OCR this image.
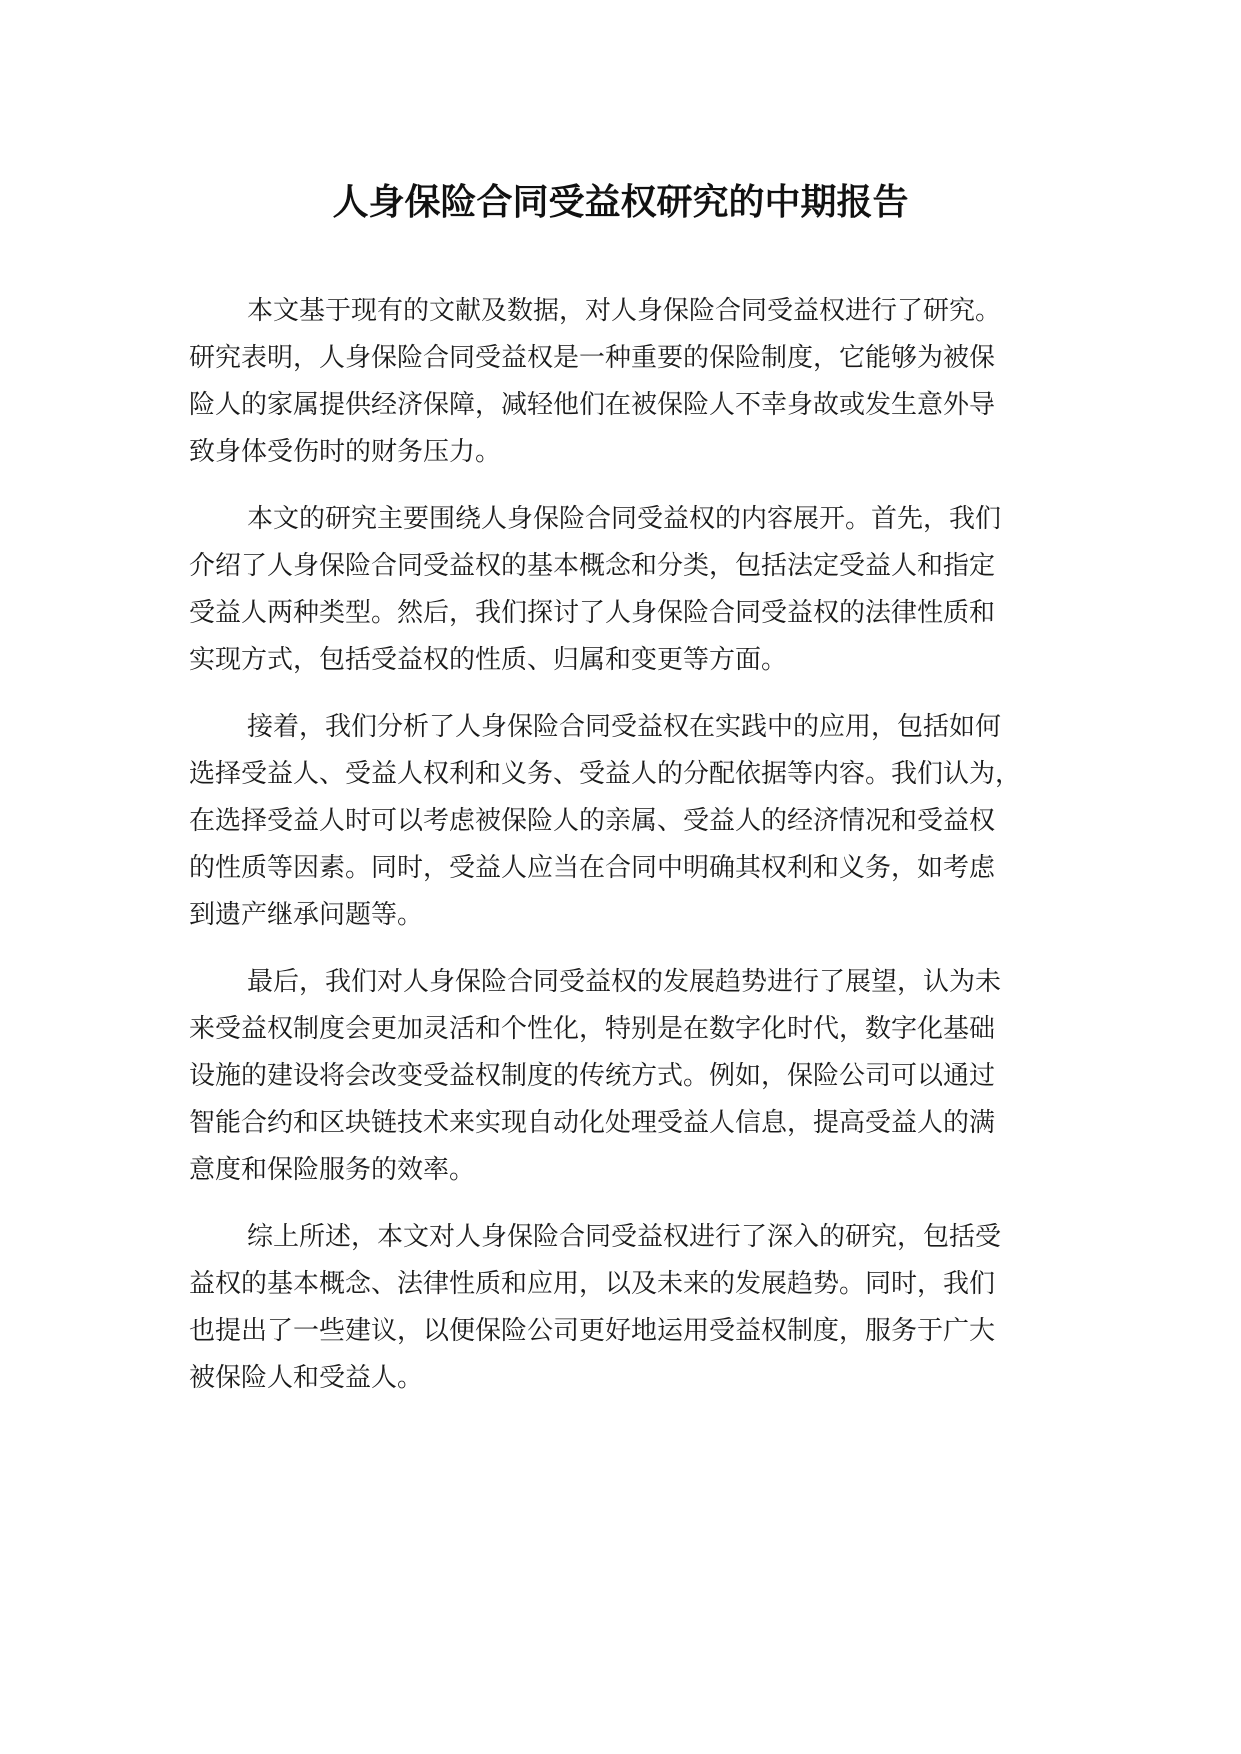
人身保险合同受益权研究的中期报告

本文基于现有的文献及数据，对人身保险合同受益权进行了研究。
研究表明，人身保险合同受益权是一种重要的保险制度，它能够为被保
险人的家属提供经济保障，减轻他们在被保险人不幸身故或发生意外导
致身体受伤时的财务压力。

本文的研究主要围绕人身保险合同受益权的内容展开。首先，我们
介绍了人身保险合同受益权的基本概念和分类，包括法定受益人和指定
受益人两种类型。然后，我们探讨了人身保险合同受益权的法律性质和
实现方式，包括受益权的性质、归属和变更等方面。

接着，我们分析了人身保险合同受益权在实践中的应用，包括如何
选择受益人、受益人权利和义务、受益人的分配依据等内容。我们认为，
在选择受益人时可以考虑被保险人的亲属、受益人的经济情况和受益权
的性质等因素。同时，受益人应当在合同中明确其权利和义务，如考虑
到遗产继承问题等。

最后，我们对人身保险合同受益权的发展趋势进行了展望，认为未
来受益权制度会更加灵活和个性化，特别是在数字化时代，数字化基础
设施的建设将会改变受益权制度的传统方式。例如，保险公司可以通过
智能合约和区块链技术来实现自动化处理受益人信息，提高受益人的满
意度和保险服务的效率。

综上所述，本文对人身保险合同受益权进行了深入的研究，包括受
益权的基本概念、法律性质和应用，以及未来的发展趋势。同时，我们
也提出了一些建议，以便保险公司更好地运用受益权制度，服务于广大
被保险人和受益人。
